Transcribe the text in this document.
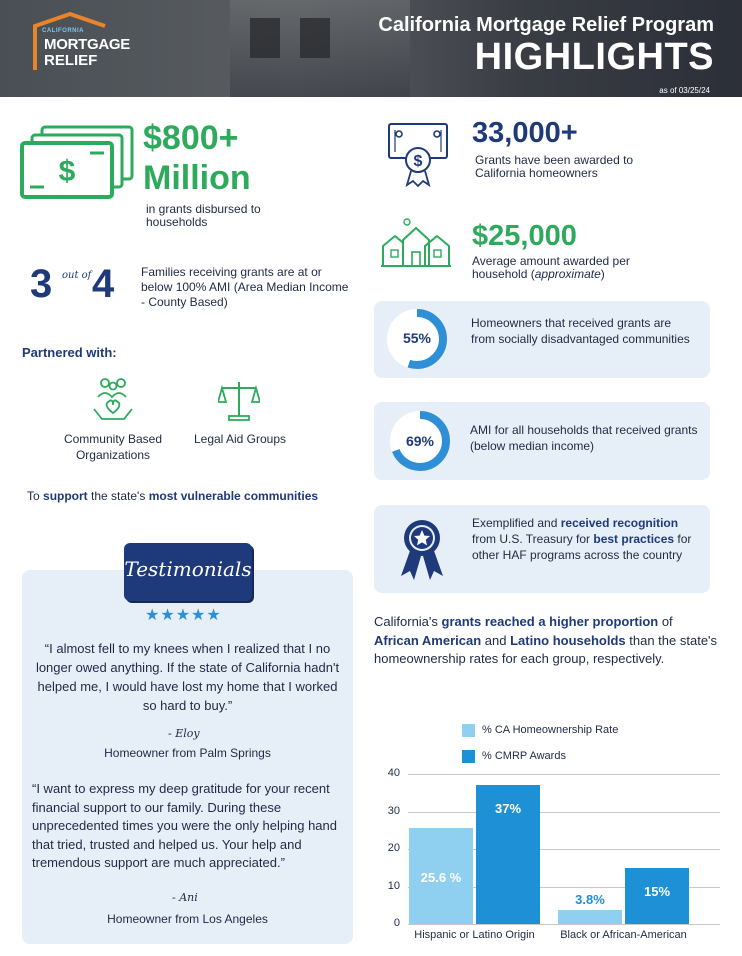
CALIFORNIA
MORTGAGE
RELIEF
California Mortgage Relief Program
HIGHLIGHTS
as of 03/25/24
$
$800+
Million
in grants disbursed to households
3 out of 4 Families receiving grants are at or below 100% AMI (Area Median Income - County Based)
Partnered with:
Community Based Organizations
Legal Aid Groups
To support the state's most vulnerable communities
Testimonials
★★★★★
“I almost fell to my knees when I realized that I no longer owed anything. If the state of California hadn't helped me, I would have lost my home that I worked so hard to buy.”
- Eloy
Homeowner from Palm Springs
“I want to express my deep gratitude for your recent financial support to our family. During these unprecedented times you were the only helping hand that tried, trusted and helped us. Your help and tremendous support are much appreciated.”
- Ani
Homeowner from Los Angeles
$
33,000+
Grants have been awarded to California homeowners
$25,000
Average amount awarded per household (approximate)
55%
Homeowners that received grants are from socially disadvantaged communities
69%
AMI for all households that received grants (below median income)
Exemplified and received recognition from U.S. Treasury for best practices for other HAF programs across the country
California's grants reached a higher proportion of African American and Latino households than the state's homeownership rates for each group, respectively.
% CA Homeownership Rate
% CMRP Awards
0
10
20
30
40
25.6 %
37%
Hispanic or Latino Origin
3.8%
15%
Black or African-American
